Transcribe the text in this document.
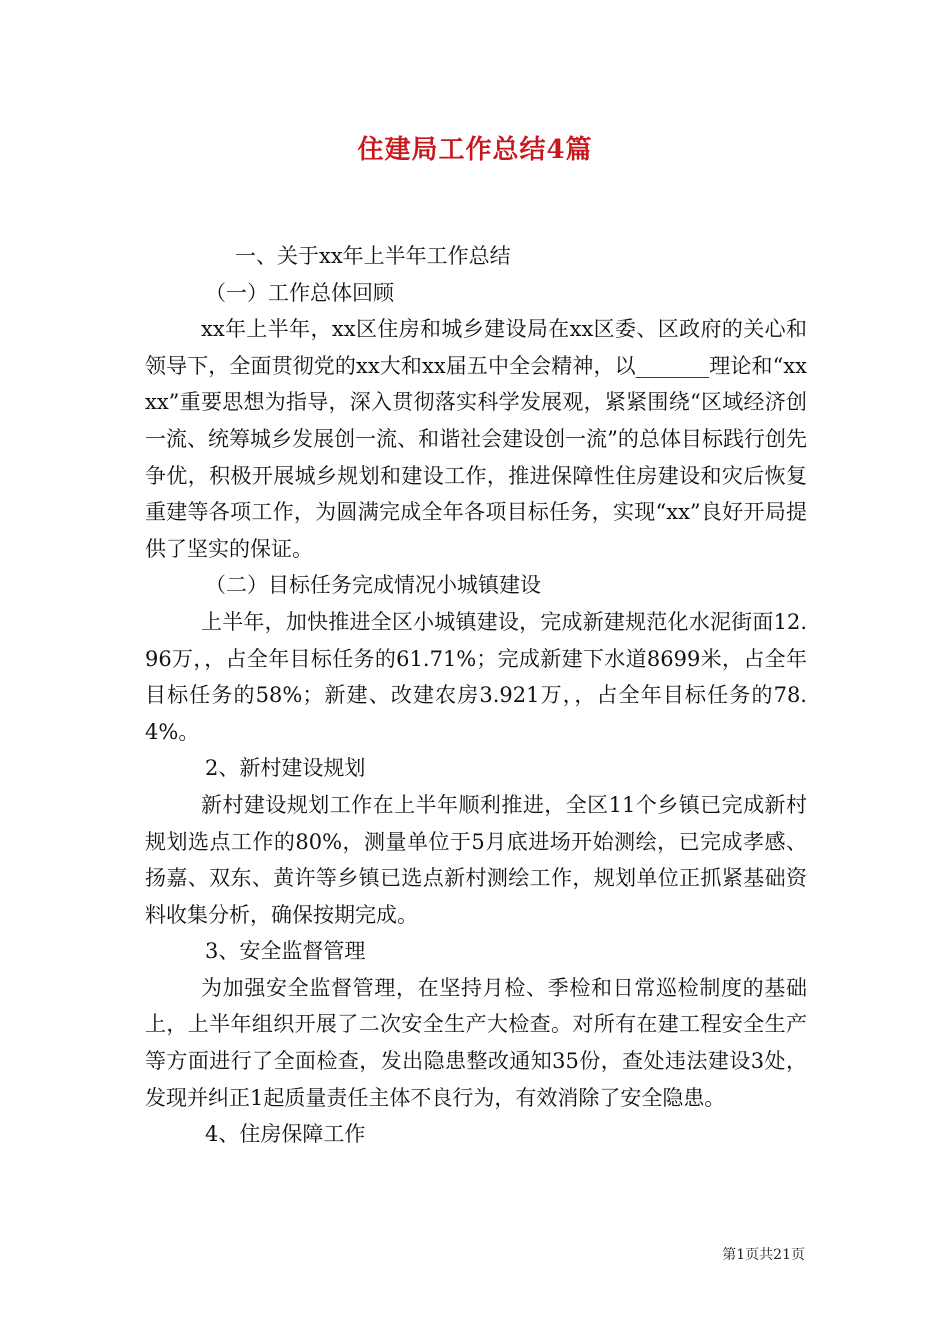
住建局工作总结4篇

一、关于xx年上半年工作总结

（一）工作总体回顾

xx年上半年，xx区住房和城乡建设局在xx区委、区政府的关心和领导下，全面贯彻党的xx大和xx届五中全会精神，以_______理论和“xxxx”重要思想为指导，深入贯彻落实科学发展观，紧紧围绕“区域经济创一流、统筹城乡发展创一流、和谐社会建设创一流”的总体目标践行创先争优，积极开展城乡规划和建设工作，推进保障性住房建设和灾后恢复重建等各项工作，为圆满完成全年各项目标任务，实现“xx”良好开局提供了坚实的保证。

（二）目标任务完成情况小城镇建设

上半年，加快推进全区小城镇建设，完成新建规范化水泥街面12.96万，，占全年目标任务的61.71%；完成新建下水道8699米，占全年目标任务的58%；新建、改建农房3.921万，，占全年目标任务的78.4%。

2、新村建设规划

新村建设规划工作在上半年顺利推进，全区11个乡镇已完成新村规划选点工作的80%，测量单位于5月底进场开始测绘，已完成孝感、扬嘉、双东、黄许等乡镇已选点新村测绘工作，规划单位正抓紧基础资料收集分析，确保按期完成。

3、安全监督管理

为加强安全监督管理，在坚持月检、季检和日常巡检制度的基础上，上半年组织开展了二次安全生产大检查。对所有在建工程安全生产等方面进行了全面检查，发出隐患整改通知35份，查处违法建设3处，发现并纠正1起质量责任主体不良行为，有效消除了安全隐患。

4、住房保障工作

第1页共21页
